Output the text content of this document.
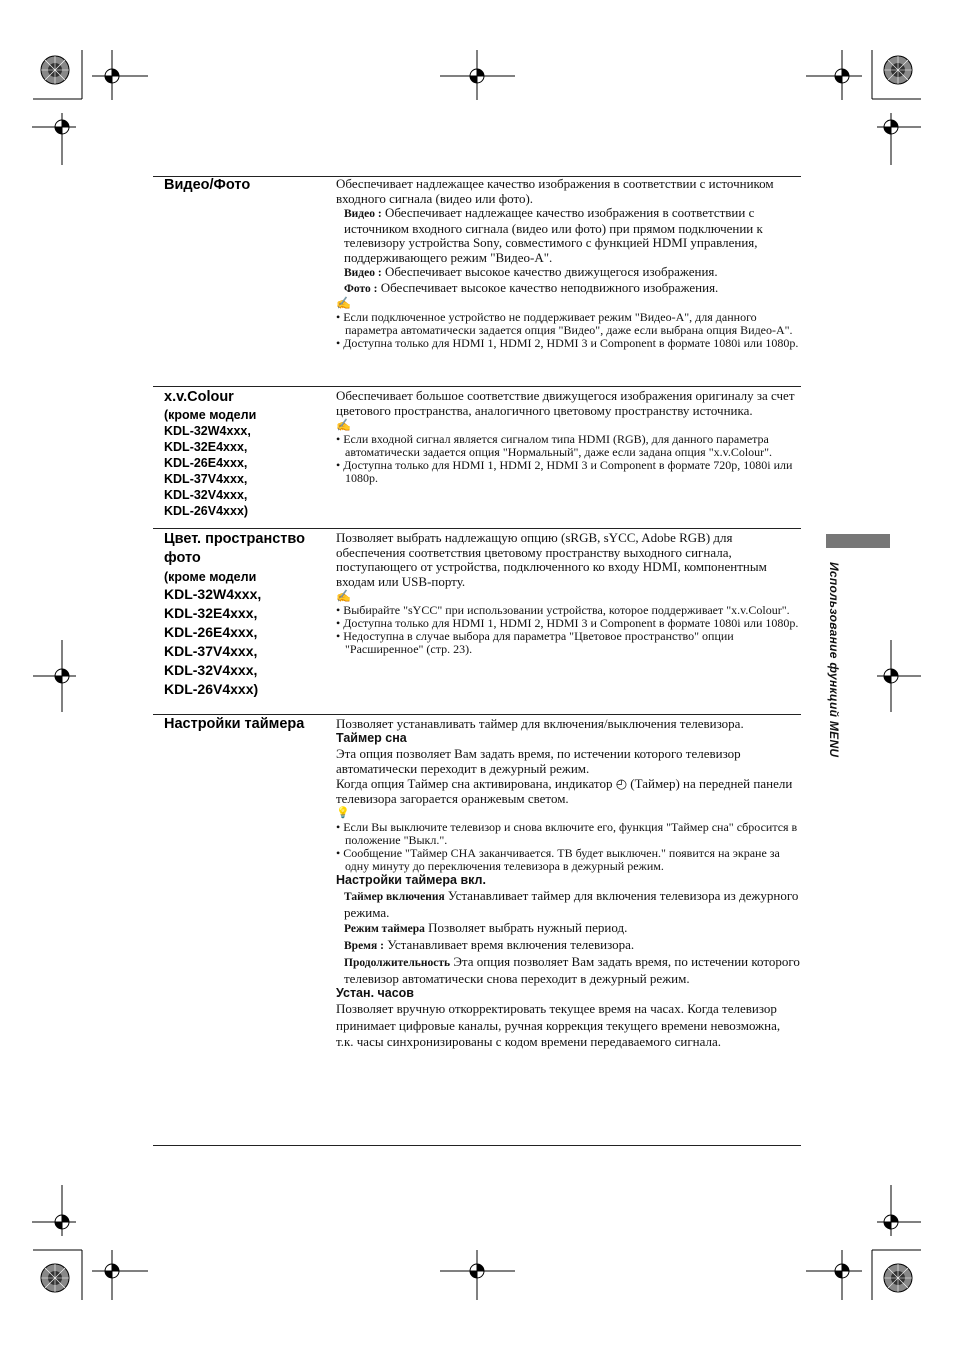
Использование функций MENU
Видео/Фото	Обеспечивает надлежащее качество изображения в соответствии с источником входного сигнала (видео или фото).

Видео : Обеспечивает надлежащее качество изображения в соответствии с источником входного сигнала (видео или фото) при прямом подключении к телевизору устройства Sony, совместимого с функцией HDMI управления, поддерживающего режим "Видео-A".

Видео : Обеспечивает высокое качество движущегося изображения.

Фото : Обеспечивает высокое качество неподвижного изображения.

✍

• Если подключенное устройство не поддерживает режим "Видео-A", для данного параметра автоматически задается опция "Видео", даже если выбрана опция Видео-A".

• Доступна только для HDMI 1, HDMI 2, HDMI 3 и Component в формате 1080i или 1080p.

x.v.Colour
(кроме модели
KDL-32W4xxx,
KDL-32E4xxx,
KDL-26E4xxx,
KDL-37V4xxx,
KDL-32V4xxx,
KDL-26V4xxx)

Обеспечивает большое соответствие движущегося изображения оригиналу за счет цветового пространства, аналогичного цветовому пространству источника.

✍

• Если входной сигнал является сигналом типа HDMI (RGB), для данного параметра автоматически задается опция "Нормальный", даже если задана опция "x.v.Colour".

• Доступна только для HDMI 1, HDMI 2, HDMI 3 и Component в формате 720p, 1080i или 1080p.

Цвет. пространство фото
(кроме модели
KDL-32W4xxx,
KDL-32E4xxx,
KDL-26E4xxx,
KDL-37V4xxx,
KDL-32V4xxx,
KDL-26V4xxx)

Позволяет выбрать надлежащую опцию (sRGB, sYCC, Adobe RGB) для обеспечения соответствия цветовому пространству выходного сигнала, поступающего от устройства, подключенного ко входу HDMI, компонентным входам или USB-порту.

✍

• Выбирайте "sYCC" при использовании устройства, которое поддерживает "x.v.Colour".

• Доступна только для HDMI 1, HDMI 2, HDMI 3 и Component в формате 1080i или 1080p.

• Недоступна в случае выбора для параметра "Цветовое пространство" опции "Расширенное" (стр. 23).

Настройки таймера	Позволяет устанавливать таймер для включения/выключения телевизора.

Таймер сна

Эта опция позволяет Вам задать время, по истечении которого телевизор автоматически переходит в дежурный режим.

Когда опция Таймер сна активирована, индикатор ◴ (Таймер) на передней панели телевизора загорается оранжевым светом.

💡

• Если Вы выключите телевизор и снова включите его, функция "Таймер сна" сбросится в положение "Выкл.".

• Сообщение "Таймер СНА заканчивается. ТВ будет выключен." появится на экране за одну минуту до переключения телевизора в дежурный режим.

Настройки таймера вкл.

Таймер включения Устанавливает таймер для включения телевизора из дежурного режима.

Режим таймера Позволяет выбрать нужный период.

Время : Устанавливает время включения телевизора.

Продолжительность Эта опция позволяет Вам задать время, по истечении которого телевизор автоматически снова переходит в дежурный режим.

Устан. часов

Позволяет вручную откорректировать текущее время на часах. Когда телевизор принимает цифровые каналы, ручная коррекция текущего времени невозможна, т.к. часы синхронизированы с кодом времени передаваемого сигнала.
